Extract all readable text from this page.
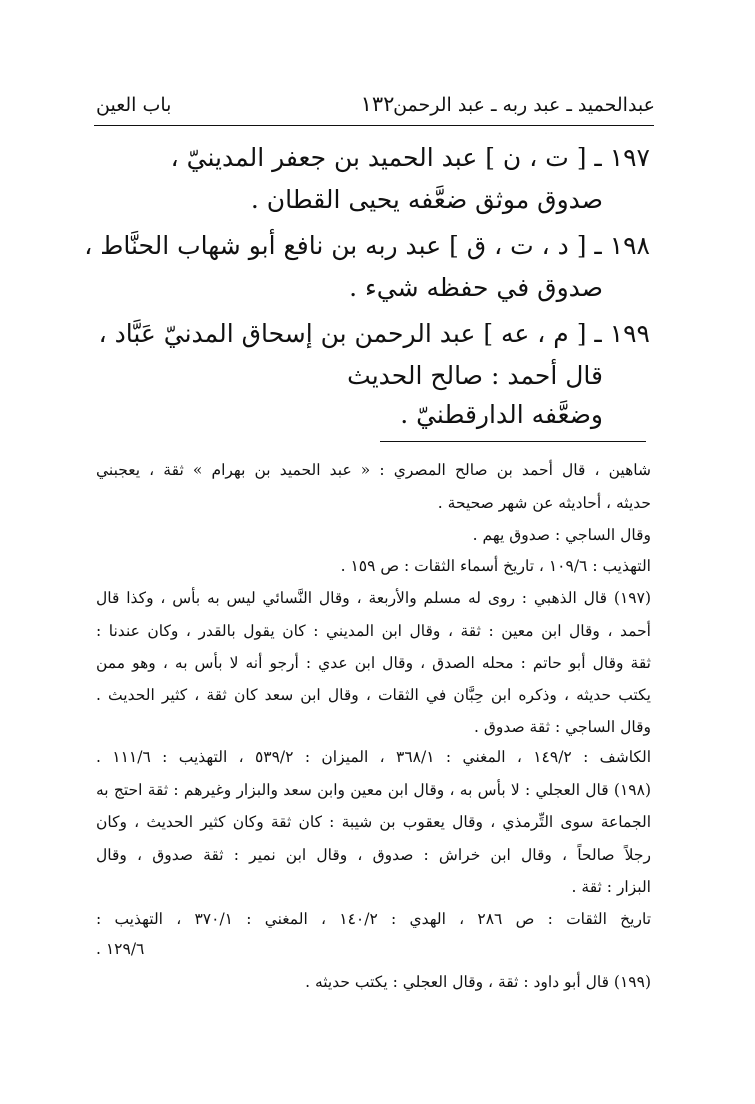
عبدالحميد ـ عبد ربه ـ عبد الرحمن
١٣٢
باب العين
١٩٧ ـ [ ت ، ن ] عبد الحميد بن جعفر المدينيّ ،
صدوق موثق ضعَّفه يحيى القطان .
١٩٨ ـ [ د ، ت ، ق ] عبد ربه بن نافع أبو شهاب الحنَّاط ،
صدوق في حفظه شيء .
١٩٩ ـ [ م ، عه ] عبد الرحمن بن إسحاق المدنيّ عَبَّاد ،
قال أحمد : صالح الحديث
وضعَّفه الدارقطنيّ .
شاهين ، قال أحمد بن صالح المصري : « عبد الحميد بن بهرام » ثقة ، يعجبني
حديثه ، أحاديثه عن شهر صحيحة .
وقال الساجي : صدوق يهم .
التهذيب : ١٠٩/٦ ، تاريخ أسماء الثقات : ص ١٥٩ .
(١٩٧) قال الذهبي : روى له مسلم والأربعة ، وقال النَّسائي ليس به بأس ، وكذا قال
أحمد ، وقال ابن معين : ثقة ، وقال ابن المديني : كان يقول بالقدر ، وكان عندنا :
ثقة وقال أبو حاتم : محله الصدق ، وقال ابن عدي : أرجو أنه لا بأس به ، وهو ممن
يكتب حديثه ، وذكره ابن حِبَّان في الثقات ، وقال ابن سعد كان ثقة ، كثير الحديث .
وقال الساجي : ثقة صدوق .
الكاشف : ١٤٩/٢ ، المغني : ٣٦٨/١ ، الميزان : ٥٣٩/٢ ، التهذيب : ١١١/٦ .
(١٩٨) قال العجلي : لا بأس به ، وقال ابن معين وابن سعد والبزار وغيرهم : ثقة احتج به
الجماعة سوى التِّرمذي ، وقال يعقوب بن شيبة : كان ثقة وكان كثير الحديث ، وكان
رجلاً صالحاً ، وقال ابن خراش : صدوق ، وقال ابن نمير : ثقة صدوق ، وقال
البزار : ثقة .
تاريخ الثقات : ص ٢٨٦ ، الهدي : ١٤٠/٢ ، المغني : ٣٧٠/١ ، التهذيب :
١٢٩/٦ .
(١٩٩) قال أبو داود : ثقة ، وقال العجلي : يكتب حديثه .
